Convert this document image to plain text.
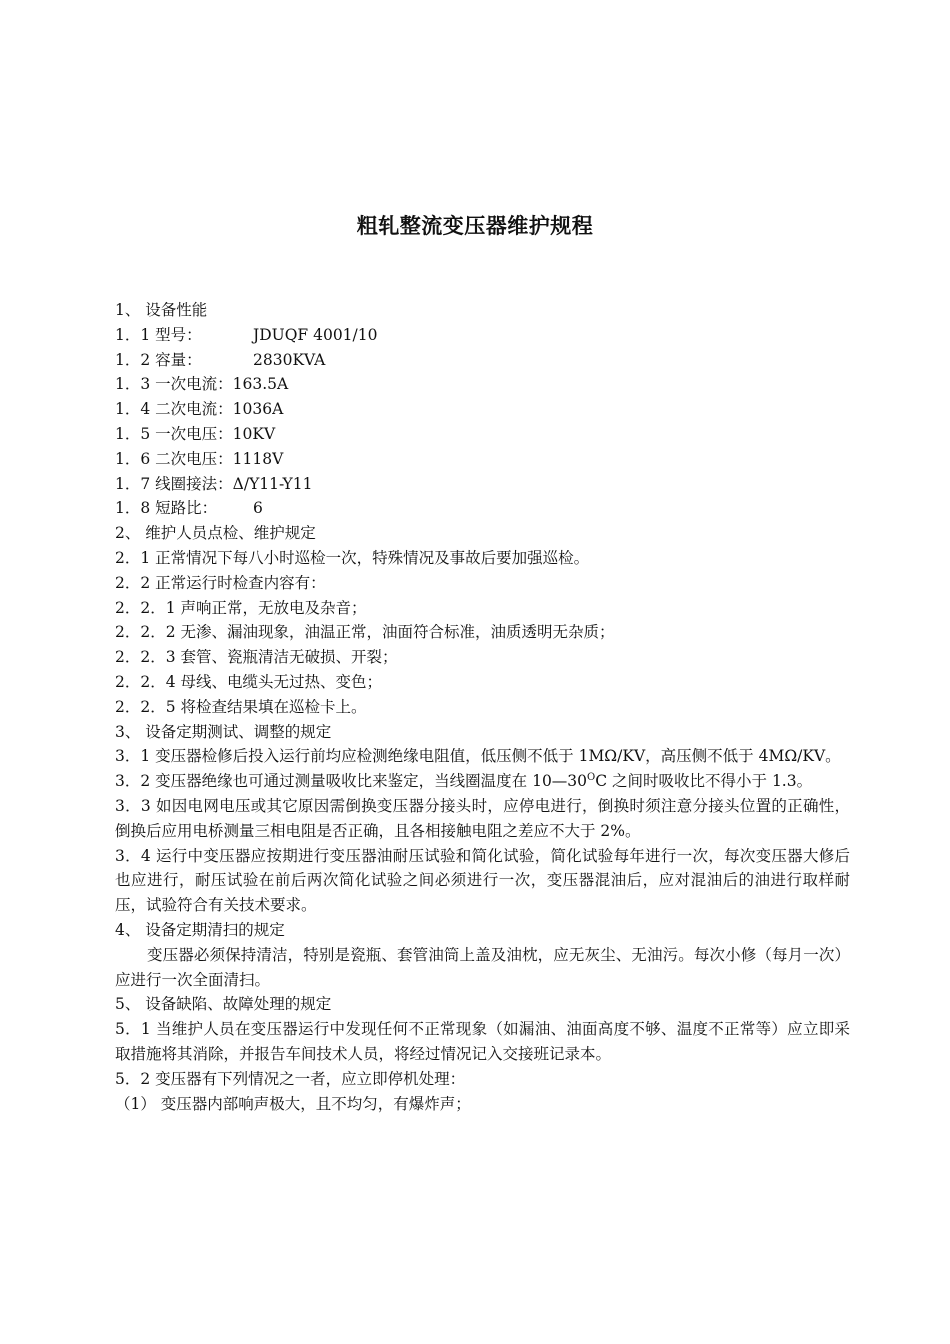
粗轧整流变压器维护规程
1、 设备性能
1．1 型号：	JDUQF 4001/10
1．2 容量：	2830KVA
1．3 一次电流：163.5A
1．4 二次电流：1036A
1．5 一次电压：10KV
1．6 二次电压：1118V
1．7 线圈接法：Δ/Y11-Y11
1．8 短路比： 6
2、 维护人员点检、维护规定
2．1 正常情况下每八小时巡检一次，特殊情况及事故后要加强巡检。
2．2 正常运行时检查内容有：
2．2．1 声响正常，无放电及杂音；
2．2．2 无渗、漏油现象，油温正常，油面符合标准，油质透明无杂质；
2．2．3 套管、瓷瓶清洁无破损、开裂；
2．2．4 母线、电缆头无过热、变色；
2．2．5 将检查结果填在巡检卡上。
3、 设备定期测试、调整的规定
3．1 变压器检修后投入运行前均应检测绝缘电阻值，低压侧不低于 1MΩ/KV，高压侧不低于 4MΩ/KV。
3．2 变压器绝缘也可通过测量吸收比来鉴定，当线圈温度在 $10—30^OC$ 之间时吸收比不得小于 1.3。
3．3 如因电网电压或其它原因需倒换变压器分接头时，应停电进行，倒换时须注意分接头位置的正确性，倒换后应用电桥测量三相电阻是否正确，且各相接触电阻之差应不大于 2%。
3．4 运行中变压器应按期进行变压器油耐压试验和简化试验，简化试验每年进行一次，每次变压器大修后也应进行，耐压试验在前后两次简化试验之间必须进行一次，变压器混油后，应对混油后的油进行取样耐压，试验符合有关技术要求。
4、 设备定期清扫的规定
变压器必须保持清洁，特别是瓷瓶、套管油筒上盖及油枕，应无灰尘、无油污。每次小修（每月一次）应进行一次全面清扫。
5、 设备缺陷、故障处理的规定
5．1 当维护人员在变压器运行中发现任何不正常现象（如漏油、油面高度不够、温度不正常等）应立即采取措施将其消除，并报告车间技术人员，将经过情况记入交接班记录本。
5．2 变压器有下列情况之一者，应立即停机处理：
（1） 变压器内部响声极大，且不均匀，有爆炸声；
